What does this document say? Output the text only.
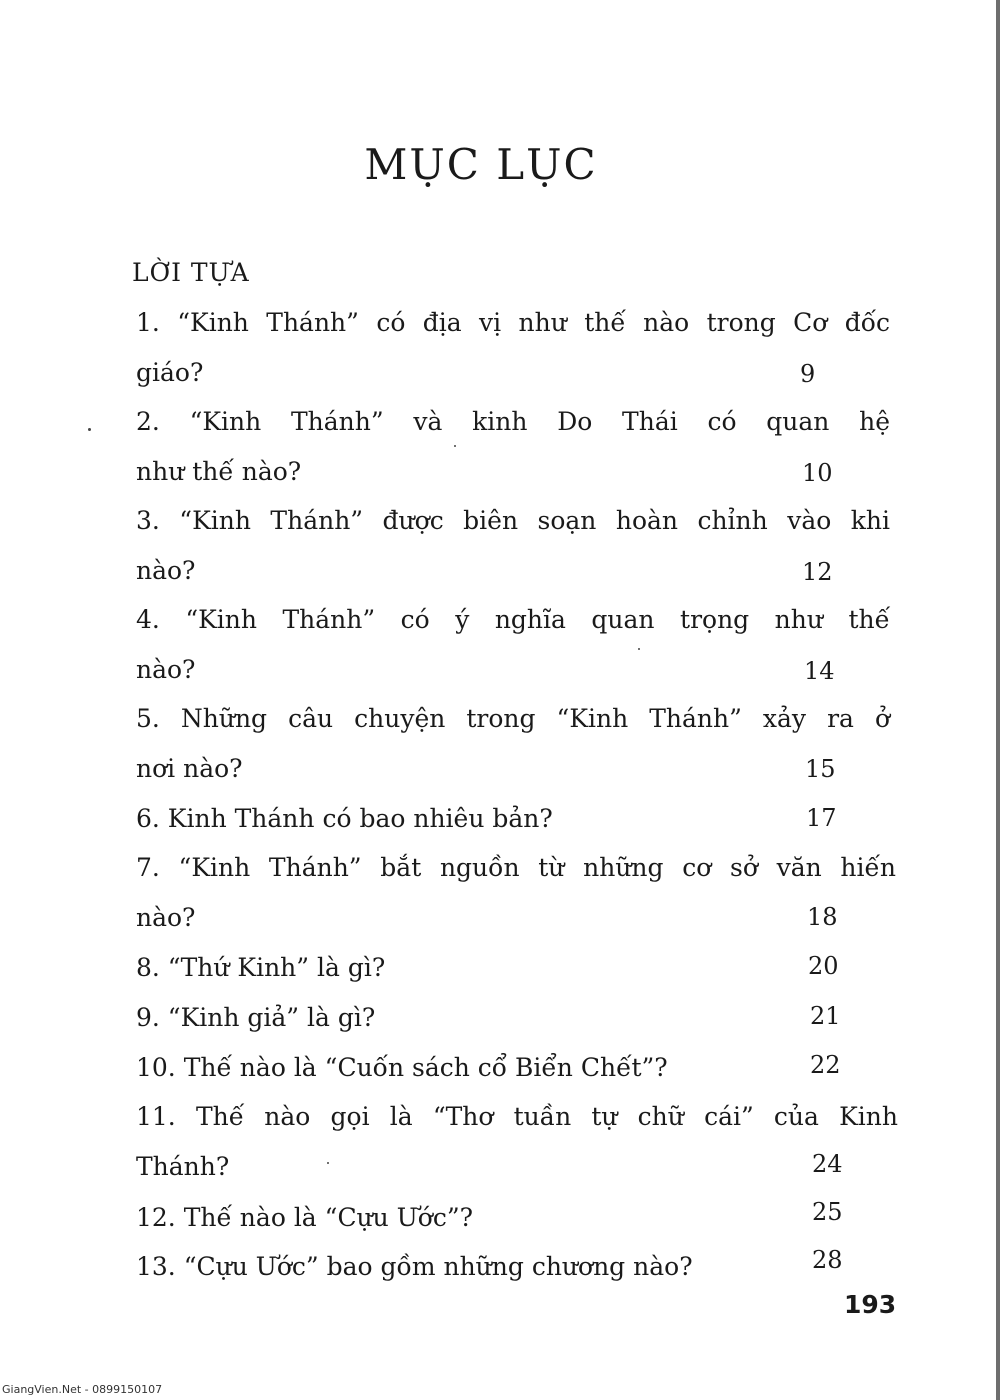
MỤC LỤC
LỜI TỰA
1. “Kinh Thánh” có địa vị như thế nào trong Cơ đốc
giáo?	9
2. “Kinh Thánh” và kinh Do Thái có quan hệ
như thế nào?	10
3. “Kinh Thánh” được biên soạn hoàn chỉnh vào khi
nào?	12
4. “Kinh Thánh” có ý nghĩa quan trọng như thế
nào?	14
5. Những câu chuyện trong “Kinh Thánh” xảy ra ở
nơi nào?	15
6. Kinh Thánh có bao nhiêu bản?	17
7. “Kinh Thánh” bắt nguồn từ những cơ sở văn hiến
nào?	18
8. “Thứ Kinh” là gì?	20
9. “Kinh giả” là gì?	21
10. Thế nào là “Cuốn sách cổ Biển Chết”?	22
11. Thế nào gọi là “Thơ tuần tự chữ cái” của Kinh
Thánh?	24
12. Thế nào là “Cựu Ước”?	25
13. “Cựu Ước” bao gồm những chương nào?	28
193
GiangVien.Net - 0899150107
